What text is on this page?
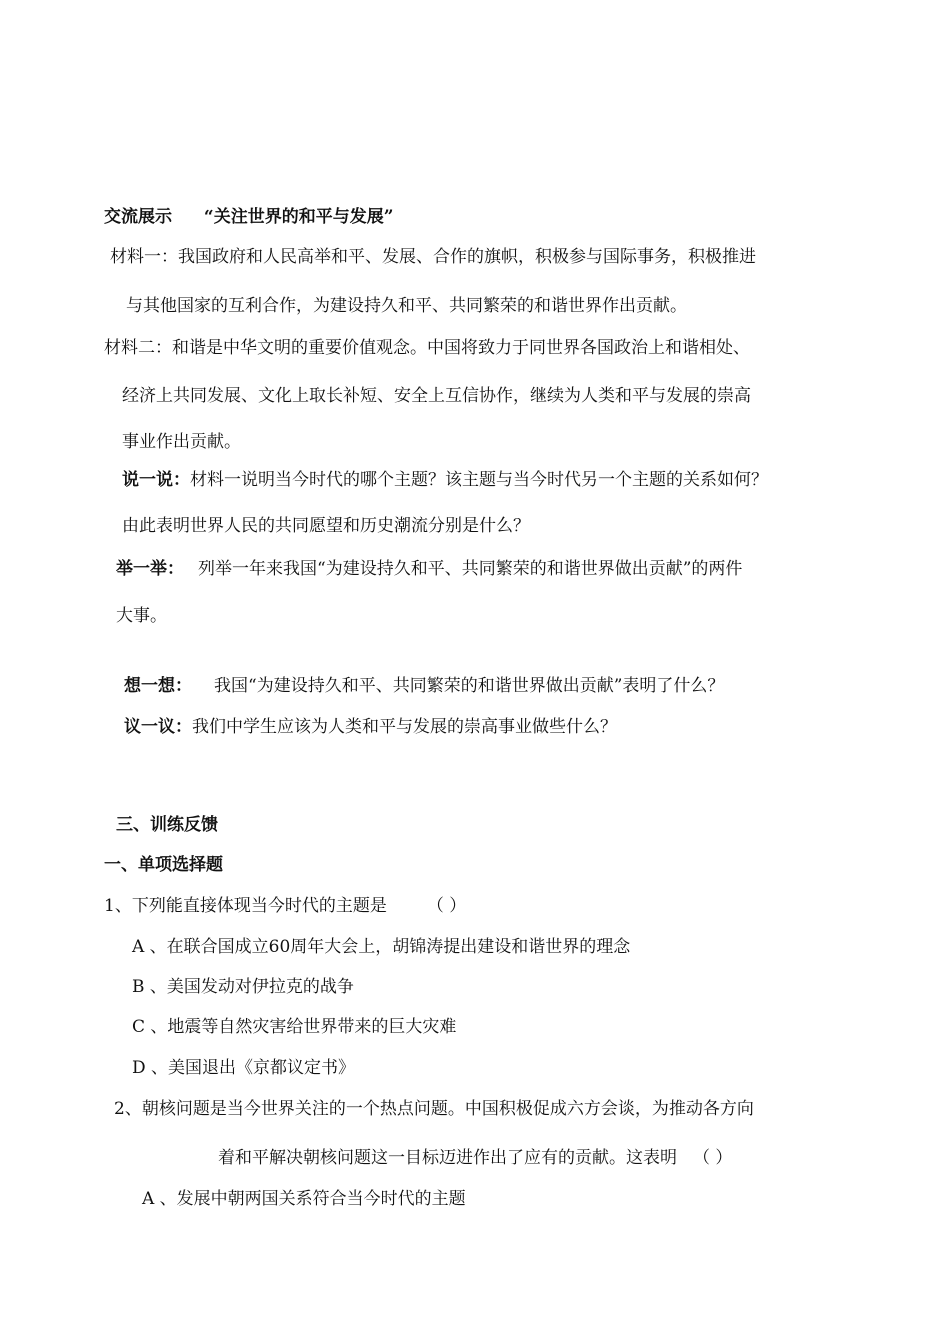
交流展示 “关注世界的和平与发展”
材料一：我国政府和人民高举和平、发展、合作的旗帜，积极参与国际事务，积极推进
与其他国家的互利合作，为建设持久和平、共同繁荣的和谐世界作出贡献。
材料二：和谐是中华文明的重要价值观念。中国将致力于同世界各国政治上和谐相处、
经济上共同发展、文化上取长补短、安全上互信协作，继续为人类和平与发展的崇高
事业作出贡献。
说一说：材料一说明当今时代的哪个主题？该主题与当今时代另一个主题的关系如何？
由此表明世界人民的共同愿望和历史潮流分别是什么？
举一举： 列举一年来我国“为建设持久和平、共同繁荣的和谐世界做出贡献”的两件
大事。
想一想： 我国“为建设持久和平、共同繁荣的和谐世界做出贡献”表明了什么？
议一议：我们中学生应该为人类和平与发展的崇高事业做些什么？
三、训练反馈
一、单项选择题
1、下列能直接体现当今时代的主题是 （ ）
A 、在联合国成立60周年大会上，胡锦涛提出建设和谐世界的理念
B 、美国发动对伊拉克的战争
C 、地震等自然灾害给世界带来的巨大灾难
D 、美国退出《京都议定书》
2、朝核问题是当今世界关注的一个热点问题。中国积极促成六方会谈，为推动各方向
着和平解决朝核问题这一目标迈进作出了应有的贡献。这表明 （ ）
A 、发展中朝两国关系符合当今时代的主题
